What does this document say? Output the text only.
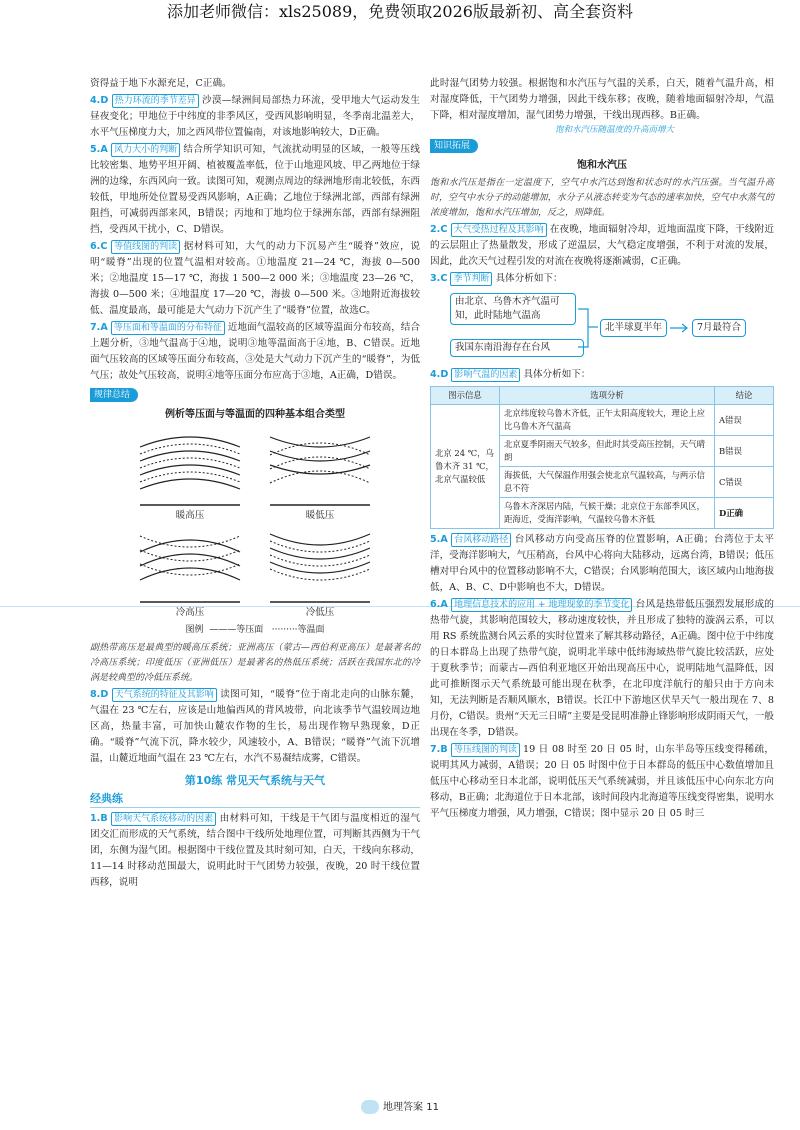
添加老师微信：xls25089，免费领取2026版最新初、高全套资料

资得益于地下水源充足，C正确。

4.D 热力环流的季节差异 沙漠—绿洲间局部热力环流，受甲地大气运动发生昼夜变化；甲地位于中纬度的非季风区，受西风影响明显，冬季南北温差大，水平气压梯度力大，加之西风带位置偏南，对该地影响较大，D正确。

5.A 风力大小的判断 结合所学知识可知，气流扰动明显的区域，一般等压线比较密集、地势平坦开阔、植被覆盖率低，位于山地迎风坡、甲乙两地位于绿洲的边缘，东西风向一致。读图可知，观测点周边的绿洲地形南北较低，东西较低，甲地所处位置易受西风影响，A正确；乙地位于绿洲北部，西部有绿洲阻挡，可减弱西部来风，B错误；丙地和丁地均位于绿洲东部，西部有绿洲阻挡，受西风干扰小，C、D错误。

6.C 等值线图的判读 据材料可知，大气的动力下沉易产生“暖脊”效应，说明“暖脊”出现的位置气温相对较高。①地温度 21—24 ℃，海拔 0—500 米；②地温度 15—17 ℃，海拔 1 500—2 000 米；③地温度 23—26 ℃，海拔 0—500 米；④地温度 17—20 ℃，海拔 0—500 米。③地附近海拔较低、温度最高，最可能是大气动力下沉产生了“暖脊”位置，故选C。

7.A 等压面和等温面的分布特征 近地面气温较高的区域等温面分布较高，结合上题分析，③地气温高于④地，说明③地等温面高于④地，B、C错误。近地面气压较高的区域等压面分布较高，③处是大气动力下沉产生的“暖脊”，为低气压；故处气压较高，说明④地等压面分布应高于③地，A正确，D错误。

规律总结
例析等压面与等温面的四种基本组合类型
暖高压	暖低压
冷高压	冷低压
图例 ———等压面 ·········等温面

副热带高压是最典型的暖高压系统；亚洲高压（蒙古—西伯利亚高压）是最著名的冷高压系统；印度低压（亚洲低压）是最著名的热低压系统；活跃在我国东北的冷涡是较典型的冷低压系统。

8.D 天气系统的特征及其影响 读图可知，“暖脊”位于南北走向的山脉东麓，气温在 23 ℃左右，应该是山地偏西风的背风坡带，向北该季节气温较周边地区高，热量丰富，可加快山麓农作物的生长，易出现作物早熟现象，D正确。“暖脊”气流下沉，降水较少，风速较小，A、B错误；“暖脊”气流下沉增温，山麓近地面气温在 23 ℃左右，水汽不易凝结成雾，C错误。

第10练 常见天气系统与天气
经典练

1.B 影响天气系统移动的因素 由材料可知，干线是干气团与温度相近的湿气团交汇而形成的天气系统，结合图中干线所处地理位置，可判断其西侧为干气团，东侧为湿气团。根据图中干线位置及其时刻可知，白天，干线向东移动，11—14 时移动范围最大，说明此时干气团势力较强，夜晚，20 时干线位置西移，说明

此时湿气团势力较强。根据饱和水汽压与气温的关系，白天，随着气温升高，相对湿度降低，干气团势力增强，因此干线东移；夜晚，随着地面辐射冷却，气温下降，相对湿度增加，湿气团势力增强，干线出现西移。B正确。

饱和水汽压随温度的升高而增大
知识拓展
饱和水汽压

饱和水汽压是指在一定温度下，空气中水汽达到饱和状态时的水汽压强。当气温升高时，空气中水分子的动能增加，水分子从液态转变为气态的速率加快，空气中水蒸气的浓度增加，饱和水汽压增加，反之，则降低。

2.C 大气受热过程及其影响 在夜晚，地面辐射冷却，近地面温度下降，干线附近的云层阻止了热量散发，形成了逆温层，大气稳定度增强，不利于对流的发展，因此，此次天气过程引发的对流在夜晚将逐渐减弱，C正确。

3.C 季节判断 具体分析如下：

由北京、乌鲁木齐气温可知，此时陆地气温高
我国东南沿海存在台风
北半球夏半年	7月最符合

4.D 影响气温的因素 具体分析如下：

图示信息	选项分析	结论
北京 24 ℃，乌鲁木齐 31 ℃，北京气温较低	北京纬度较乌鲁木齐低，正午太阳高度较大，理论上应比乌鲁木齐气温高	A错误
	北京夏季阴雨天气较多，但此时其受高压控制，天气晴朗	B错误
	海拔低，大气保温作用强会使北京气温较高，与两示信息不符	C错误
	乌鲁木齐深居内陆，气候干燥；北京位于东部季风区，距海近，受海洋影响，气温较乌鲁木齐低	D正确

5.A 台风移动路径 台风移动方向受高压脊的位置影响，A正确；台湾位于太平洋，受海洋影响大，气压稍高，台风中心将向大陆移动，远离台湾，B错误；低压槽对甲台风中的位置移动影响不大，C错误；台风影响范围大，该区域内山地海拔低，A、B、C、D中影响也不大，D错误。

6.A 地理信息技术的应用 + 地理现象的季节变化 台风是热带低压强烈发展形成的热带气旋，其影响范围较大，移动速度较快，并且形成了独特的漩涡云系，可以用 RS 系统监测台风云系的实时位置来了解其移动路径，A正确。图中位于中纬度的日本群岛上出现了热带气旋，说明北半球中低纬海域热带气旋比较活跃，应处于夏秋季节；而蒙古—西伯利亚地区开始出现高压中心，说明陆地气温降低，因此可推断图示天气系统最可能出现在秋季，在北印度洋航行的船只由于方向未知，无法判断是否顺风顺水，B错误。长江中下游地区伏旱天气一般出现在 7、8 月份，C错误。贵州“天无三日晴”主要是受昆明准静止锋影响形成阴雨天气，一般出现在冬季，D错误。

7.B 等压线图的判读 19 日 08 时至 20 日 05 时，山东半岛等压线变得稀疏，说明其风力减弱，A错误；20 日 05 时图中位于日本群岛的低压中心数值增加且低压中心移动至日本北部，说明低压天气系统减弱，并且该低压中心向东北方向移动，B正确；北海道位于日本北部，该时间段内北海道等压线变得密集，说明水平气压梯度力增强，风力增强，C错误；图中显示 20 日 05 时三

地理答案 11
